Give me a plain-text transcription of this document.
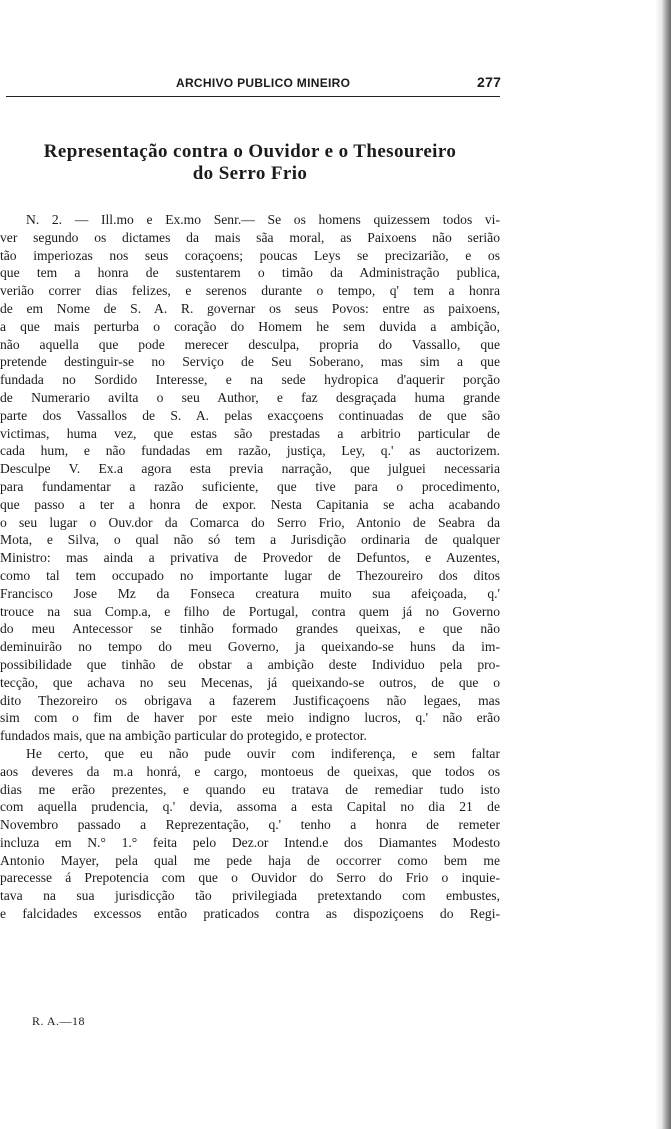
ARCHIVO PUBLICO MINEIRO	277
Representação contra o Ouvidor e o Thesoureiro
do Serro Frio
N. 2. — Ill.mo e Ex.mo Senr.— Se os homens quizessem todos vi-
ver segundo os dictames da mais sãa moral, as Paixoens não serião
tão imperiozas nos seus coraçoens; poucas Leys se precizarião, e os
que tem a honra de sustentarem o timão da Administração publica,
verião correr dias felizes, e serenos durante o tempo, q' tem a honra
de em Nome de S. A. R. governar os seus Povos: entre as paixoens,
a que mais perturba o coração do Homem he sem duvida a ambição,
não aquella que pode merecer desculpa, propria do Vassallo, que
pretende destinguir-se no Serviço de Seu Soberano, mas sim a que
fundada no Sordido Interesse, e na sede hydropica d'aquerir porção
de Numerario avilta o seu Author, e faz desgraçada huma grande
parte dos Vassallos de S. A. pelas exacçoens continuadas de que são
victimas, huma vez, que estas são prestadas a arbitrio particular de
cada hum, e não fundadas em razão, justiça, Ley, q.' as auctorizem.
Desculpe V. Ex.a agora esta previa narração, que julguei necessaria
para fundamentar a razão suficiente, que tive para o procedimento,
que passo a ter a honra de expor. Nesta Capitania se acha acabando
o seu lugar o Ouv.dor da Comarca do Serro Frio, Antonio de Seabra da
Mota, e Silva, o qual não só tem a Jurisdição ordinaria de qualquer
Ministro: mas ainda a privativa de Provedor de Defuntos, e Auzentes,
como tal tem occupado no importante lugar de Thezoureiro dos ditos
Francisco Jose Mz da Fonseca creatura muito sua afeiçoada, q.'
trouce na sua Comp.a, e filho de Portugal, contra quem já no Governo
do meu Antecessor se tinhão formado grandes queixas, e que não
deminuirão no tempo do meu Governo, ja queixando-se huns da im-
possibilidade que tinhão de obstar a ambição deste Individuo pela pro-
tecção, que achava no seu Mecenas, já queixando-se outros, de que o
dito Thezoreiro os obrigava a fazerem Justificaçoens não legaes, mas
sim com o fim de haver por este meio indigno lucros, q.' não erão
fundados mais, que na ambição particular do protegido, e protector.
He certo, que eu não pude ouvir com indiferença, e sem faltar
aos deveres da m.a honrá, e cargo, montoeus de queixas, que todos os
dias me erão prezentes, e quando eu tratava de remediar tudo isto
com aquella prudencia, q.' devia, assoma a esta Capital no dia 21 de
Novembro passado a Reprezentação, q.' tenho a honra de remeter
incluza em N.° 1.° feita pelo Dez.or Intend.e dos Diamantes Modesto
Antonio Mayer, pela qual me pede haja de occorrer como bem me
parecesse á Prepotencia com que o Ouvidor do Serro do Frio o inquie-
tava na sua jurisdicção tão privilegiada pretextando com embustes,
e falcidades excessos então praticados contra as dispoziçoens do Regi-
R. A.—18
